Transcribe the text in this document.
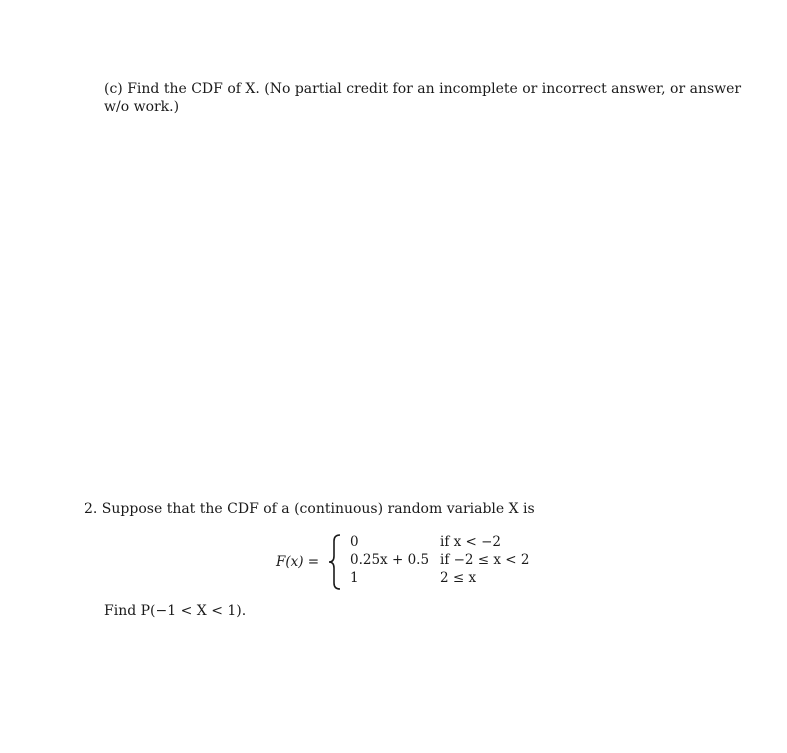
(c) Find the CDF of X. (No partial credit for an incomplete or incorrect answer, or answer
w/o work.)
2. Suppose that the CDF of a (continuous) random variable X is
F(x) =
0	if x < −2
0.25x + 0.5 if −2 ≤ x < 2
1	2 ≤ x
Find P(−1 < X < 1).
